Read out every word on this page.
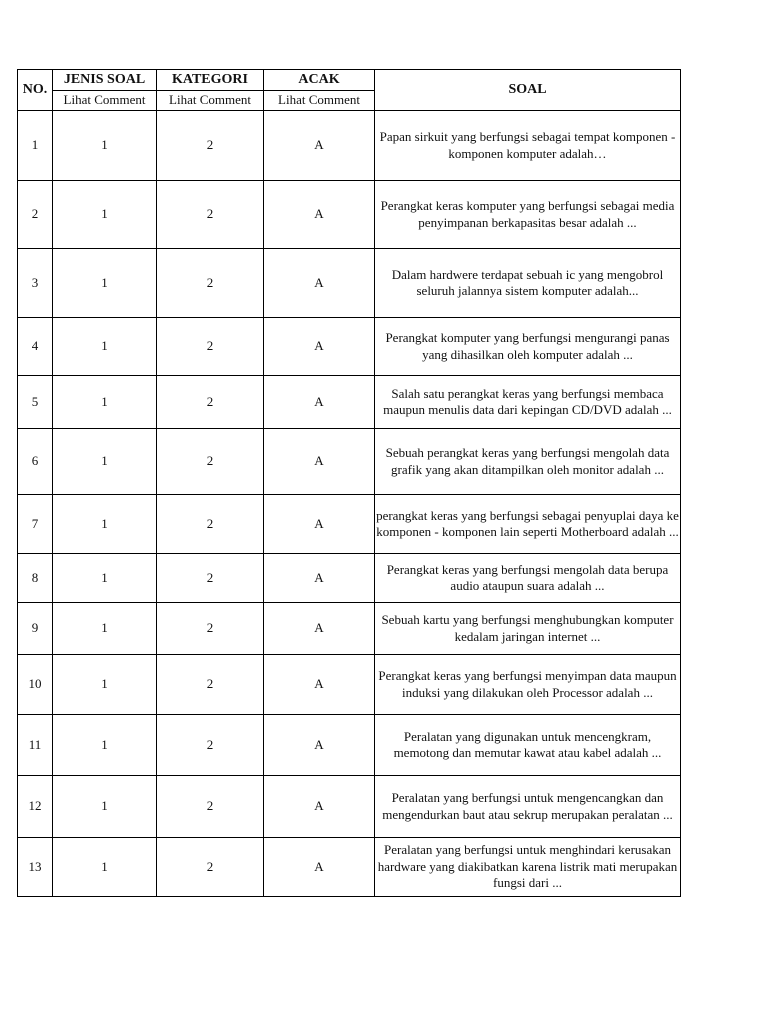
NO.	JENIS SOAL	KATEGORI	ACAK	SOAL
	Lihat Comment	Lihat Comment	Lihat Comment	
1	1	2	A	Papan sirkuit yang berfungsi sebagai tempat komponen - komponen komputer adalah…
2	1	2	A	Perangkat keras komputer yang berfungsi sebagai media penyimpanan berkapasitas besar adalah ...
3	1	2	A	Dalam hardwere terdapat sebuah ic yang mengobrol seluruh jalannya sistem komputer adalah...
4	1	2	A	Perangkat komputer yang berfungsi mengurangi panas yang dihasilkan oleh komputer adalah ...
5	1	2	A	Salah satu perangkat keras yang berfungsi membaca maupun menulis data dari kepingan CD/DVD adalah ...
6	1	2	A	Sebuah perangkat keras yang berfungsi mengolah data grafik yang akan ditampilkan oleh monitor adalah ...
7	1	2	A	perangkat keras yang berfungsi sebagai penyuplai daya ke komponen - komponen lain seperti Motherboard adalah ...
8	1	2	A	Perangkat keras yang berfungsi mengolah data berupa audio ataupun suara adalah ...
9	1	2	A	Sebuah kartu yang berfungsi menghubungkan komputer kedalam jaringan internet ...
10	1	2	A	Perangkat keras yang berfungsi menyimpan data maupun induksi yang dilakukan oleh Processor adalah ...
11	1	2	A	Peralatan yang digunakan untuk mencengkram, memotong dan memutar kawat atau kabel adalah ...
12	1	2	A	Peralatan yang berfungsi untuk mengencangkan dan mengendurkan baut atau sekrup merupakan peralatan ...
13	1	2	A	Peralatan yang berfungsi untuk menghindari kerusakan hardware yang diakibatkan karena listrik mati merupakan fungsi dari ...
